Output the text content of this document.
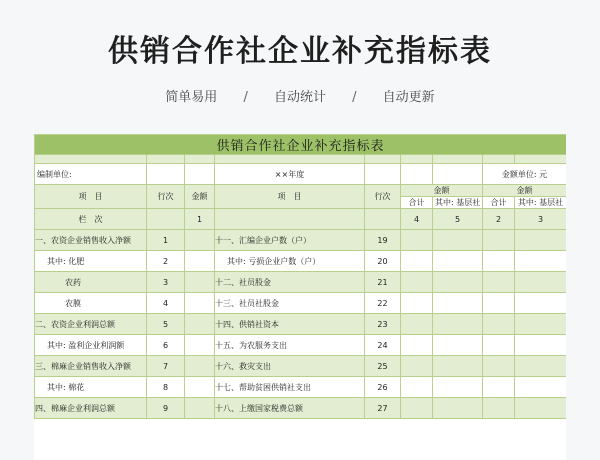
供销合作社企业补充指标表
简单易用 / 自动统计 / 自动更新
供销合作社企业补充指标表								

编制单位:			××年度				金额单位: 元	
项　目	行次	金额	项　目	行次	金额		金额	
					合计	其中: 基层社	合计	其中: 基层社
栏　次		1			4	5	2	3
一、农资企业销售收入净额	1		十一、汇编企业户数（户）	19				
其中: 化肥	2		其中: 亏损企业户数（户）	20				
农药	3		十二、社员股金	21				
农膜	4		十三、社员社股金	22				
二、农资企业利润总额	5		十四、供销社资本	23				
其中: 盈利企业利润额	6		十五、为农服务支出	24				
三、棉麻企业销售收入净额	7		十六、救灾支出	25				
其中: 棉花	8		十七、帮助贫困供销社支出	26				
四、棉麻企业利润总额	9		十八、上缴国家税费总额	27				
